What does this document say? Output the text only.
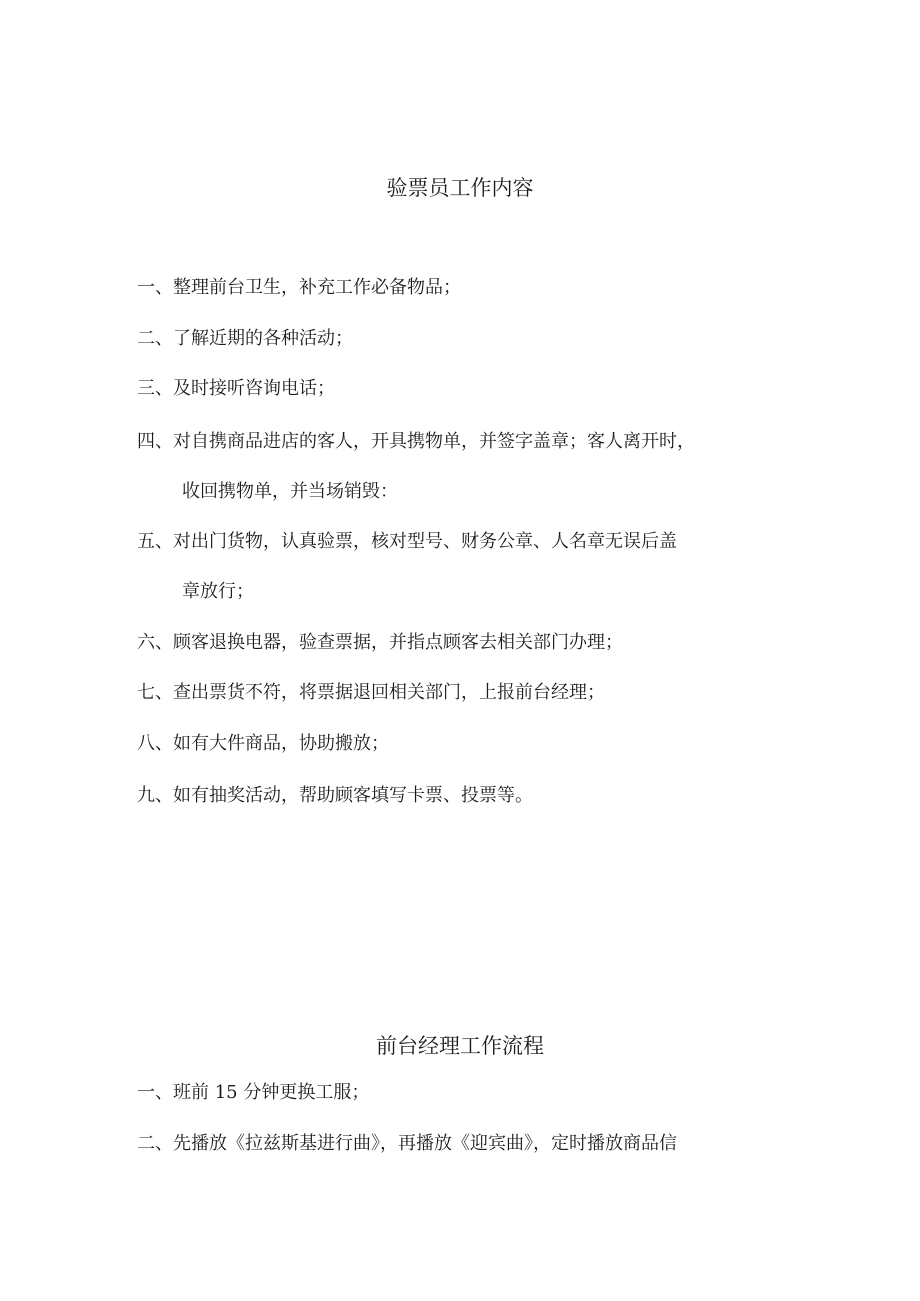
验票员工作内容
一、整理前台卫生，补充工作必备物品；
二、了解近期的各种活动；
三、及时接听咨询电话；
四、对自携商品进店的客人，开具携物单，并签字盖章；客人离开时，
收回携物单，并当场销毁：
五、对出门货物，认真验票，核对型号、财务公章、人名章无误后盖
章放行；
六、顾客退换电器，验查票据，并指点顾客去相关部门办理；
七、查出票货不符，将票据退回相关部门，上报前台经理；
八、如有大件商品，协助搬放；
九、如有抽奖活动，帮助顾客填写卡票、投票等。
前台经理工作流程
一、班前 15 分钟更换工服；
二、先播放《拉兹斯基进行曲》，再播放《迎宾曲》，定时播放商品信
